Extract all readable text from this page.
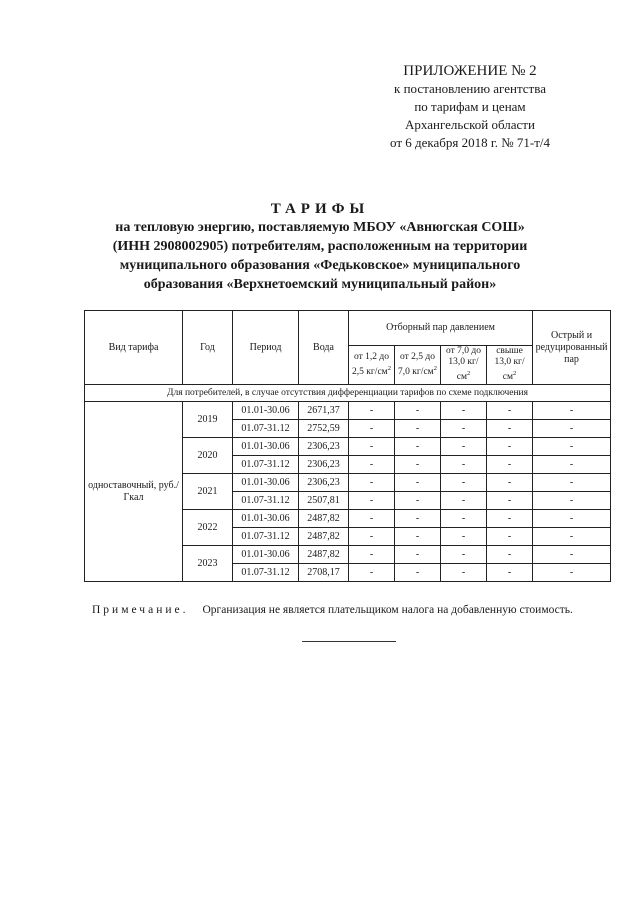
ПРИЛОЖЕНИЕ № 2
к постановлению агентства
по тарифам и ценам
Архангельской области
от 6 декабря 2018 г. № 71-т/4
ТАРИФЫ
на тепловую энергию, поставляемую МБОУ «Авнюгская СОШ»
(ИНН 2908002905) потребителям, расположенным на территории
муниципального образования «Федьковское» муниципального
образования «Верхнетоемский муниципальный район»
Вид тарифа	Год	Период	Вода	Отборный пар давлением				Острый и редуцированный пар
				от 1,2 до 2,5 $кг/см^2$	от 2,5 до 7,0 $кг/см^2$	от 7,0 до 13,0 $кг/см^2$	свыше 13,0 $кг/см^2$
Для потребителей, в случае отсутствия дифференциации тарифов по схеме подключения								
одноставочный, руб./Гкал	2019	01.01-30.06	2671,37	-	-	-	-	-
		01.07-31.12	2752,59	-	-	-	-	-
	2020	01.01-30.06	2306,23	-	-	-	-	-
		01.07-31.12	2306,23	-	-	-	-	-
	2021	01.01-30.06	2306,23	-	-	-	-	-
		01.07-31.12	2507,81	-	-	-	-	-
	2022	01.01-30.06	2487,82	-	-	-	-	-
		01.07-31.12	2487,82	-	-	-	-	-
	2023	01.01-30.06	2487,82	-	-	-	-	-
		01.07-31.12	2708,17	-	-	-	-	-
Примечание. Организация не является плательщиком налога на добавленную стоимость.
